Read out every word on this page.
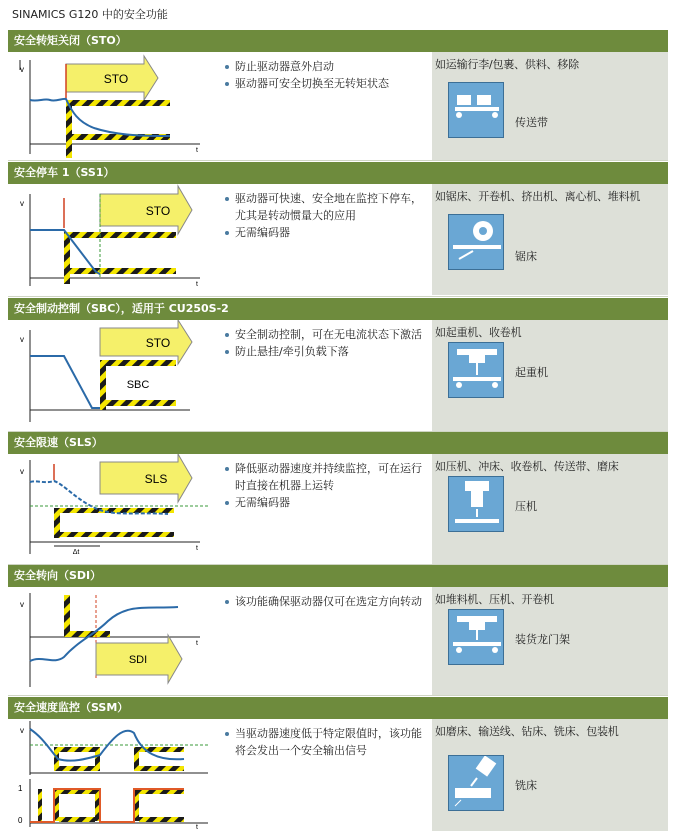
SINAMICS G120 中的安全功能
安全转矩关闭（STO）
v
t
STO
防止驱动器意外启动
驱动器可安全切换至无转矩状态
如运输行李/包裹、供料、移除
传送带
安全停车 1（SS1）
v
t
STO
驱动器可快速、安全地在监控下停车，尤其是转动惯量大的应用
无需编码器
如锯床、开卷机、挤出机、离心机、堆料机
锯床
安全制动控制（SBC），适用于 CU250S-2
v	STO
SBC
安全制动控制，可在无电流状态下激活
防止悬挂/牵引负载下落
如起重机、收卷机
起重机
安全限速（SLS）
v
t
SLS
Δt
降低驱动器速度并持续监控，可在运行时直接在机器上运转
无需编码器
如压机、冲床、收卷机、传送带、磨床
压机
安全转向（SDI）
v
t
SDI
该功能确保驱动器仅可在选定方向转动	如堆料机、压机、开卷机
装货龙门架
安全速度监控（SSM）
v
1
0
t
当驱动器速度低于特定限值时，该功能将会发出一个安全输出信号
如磨床、输送线、钻床、铣床、包装机
铣床
